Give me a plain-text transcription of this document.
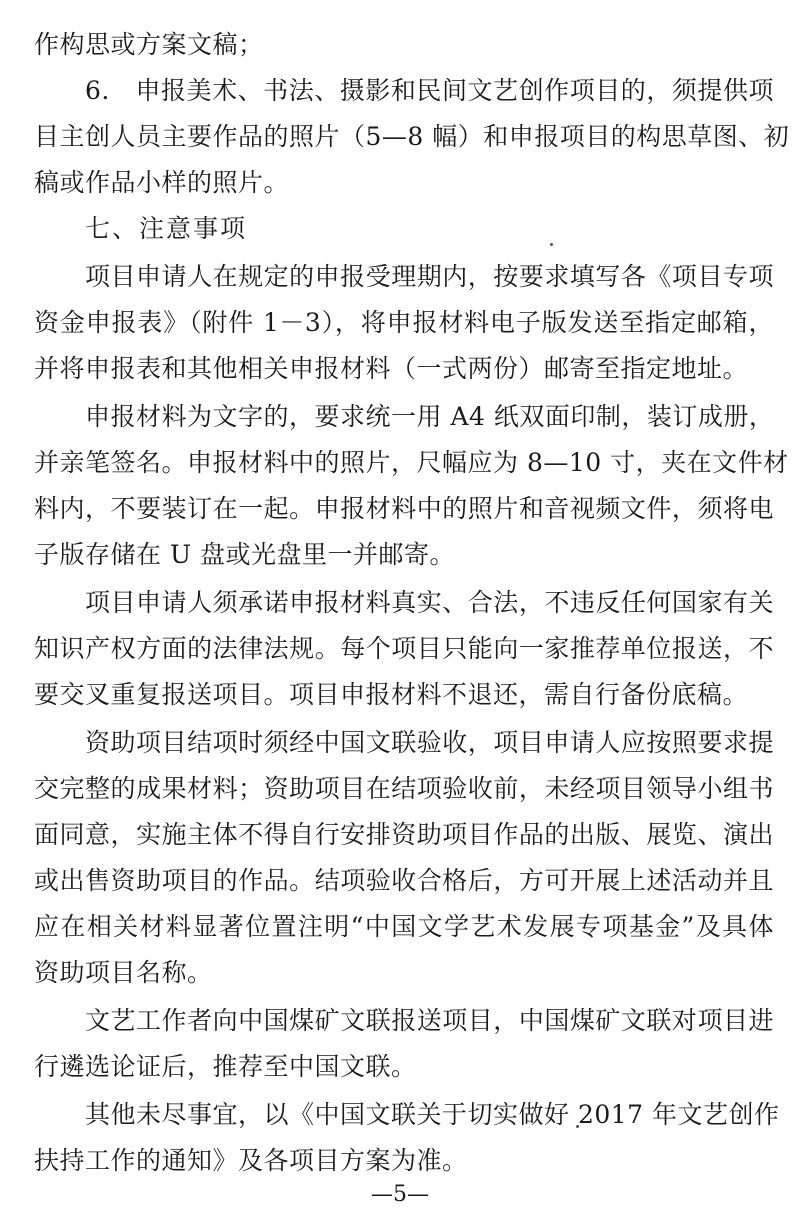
作构思或方案文稿；
6.　申报美术、书法、摄影和民间文艺创作项目的，须提供项
目主创人员主要作品的照片（5—8 幅）和申报项目的构思草图、初
稿或作品小样的照片。
七、注意事项
项目申请人在规定的申报受理期内，按要求填写各《项目专项
资金申报表》（附件 1－3），将申报材料电子版发送至指定邮箱，
并将申报表和其他相关申报材料（一式两份）邮寄至指定地址。
申报材料为文字的，要求统一用 A4 纸双面印制，装订成册，
并亲笔签名。申报材料中的照片，尺幅应为 8—10 寸，夹在文件材
料内，不要装订在一起。申报材料中的照片和音视频文件，须将电
子版存储在 U 盘或光盘里一并邮寄。
项目申请人须承诺申报材料真实、合法，不违反任何国家有关
知识产权方面的法律法规。每个项目只能向一家推荐单位报送，不
要交叉重复报送项目。项目申报材料不退还，需自行备份底稿。
资助项目结项时须经中国文联验收，项目申请人应按照要求提
交完整的成果材料；资助项目在结项验收前，未经项目领导小组书
面同意，实施主体不得自行安排资助项目作品的出版、展览、演出
或出售资助项目的作品。结项验收合格后，方可开展上述活动并且
应在相关材料显著位置注明“中国文学艺术发展专项基金”及具体
资助项目名称。
文艺工作者向中国煤矿文联报送项目，中国煤矿文联对项目进
行遴选论证后，推荐至中国文联。
—5—
其他未尽事宜，以《中国文联关于切实做好 2017 年文艺创作
扶持工作的通知》及各项目方案为准。
